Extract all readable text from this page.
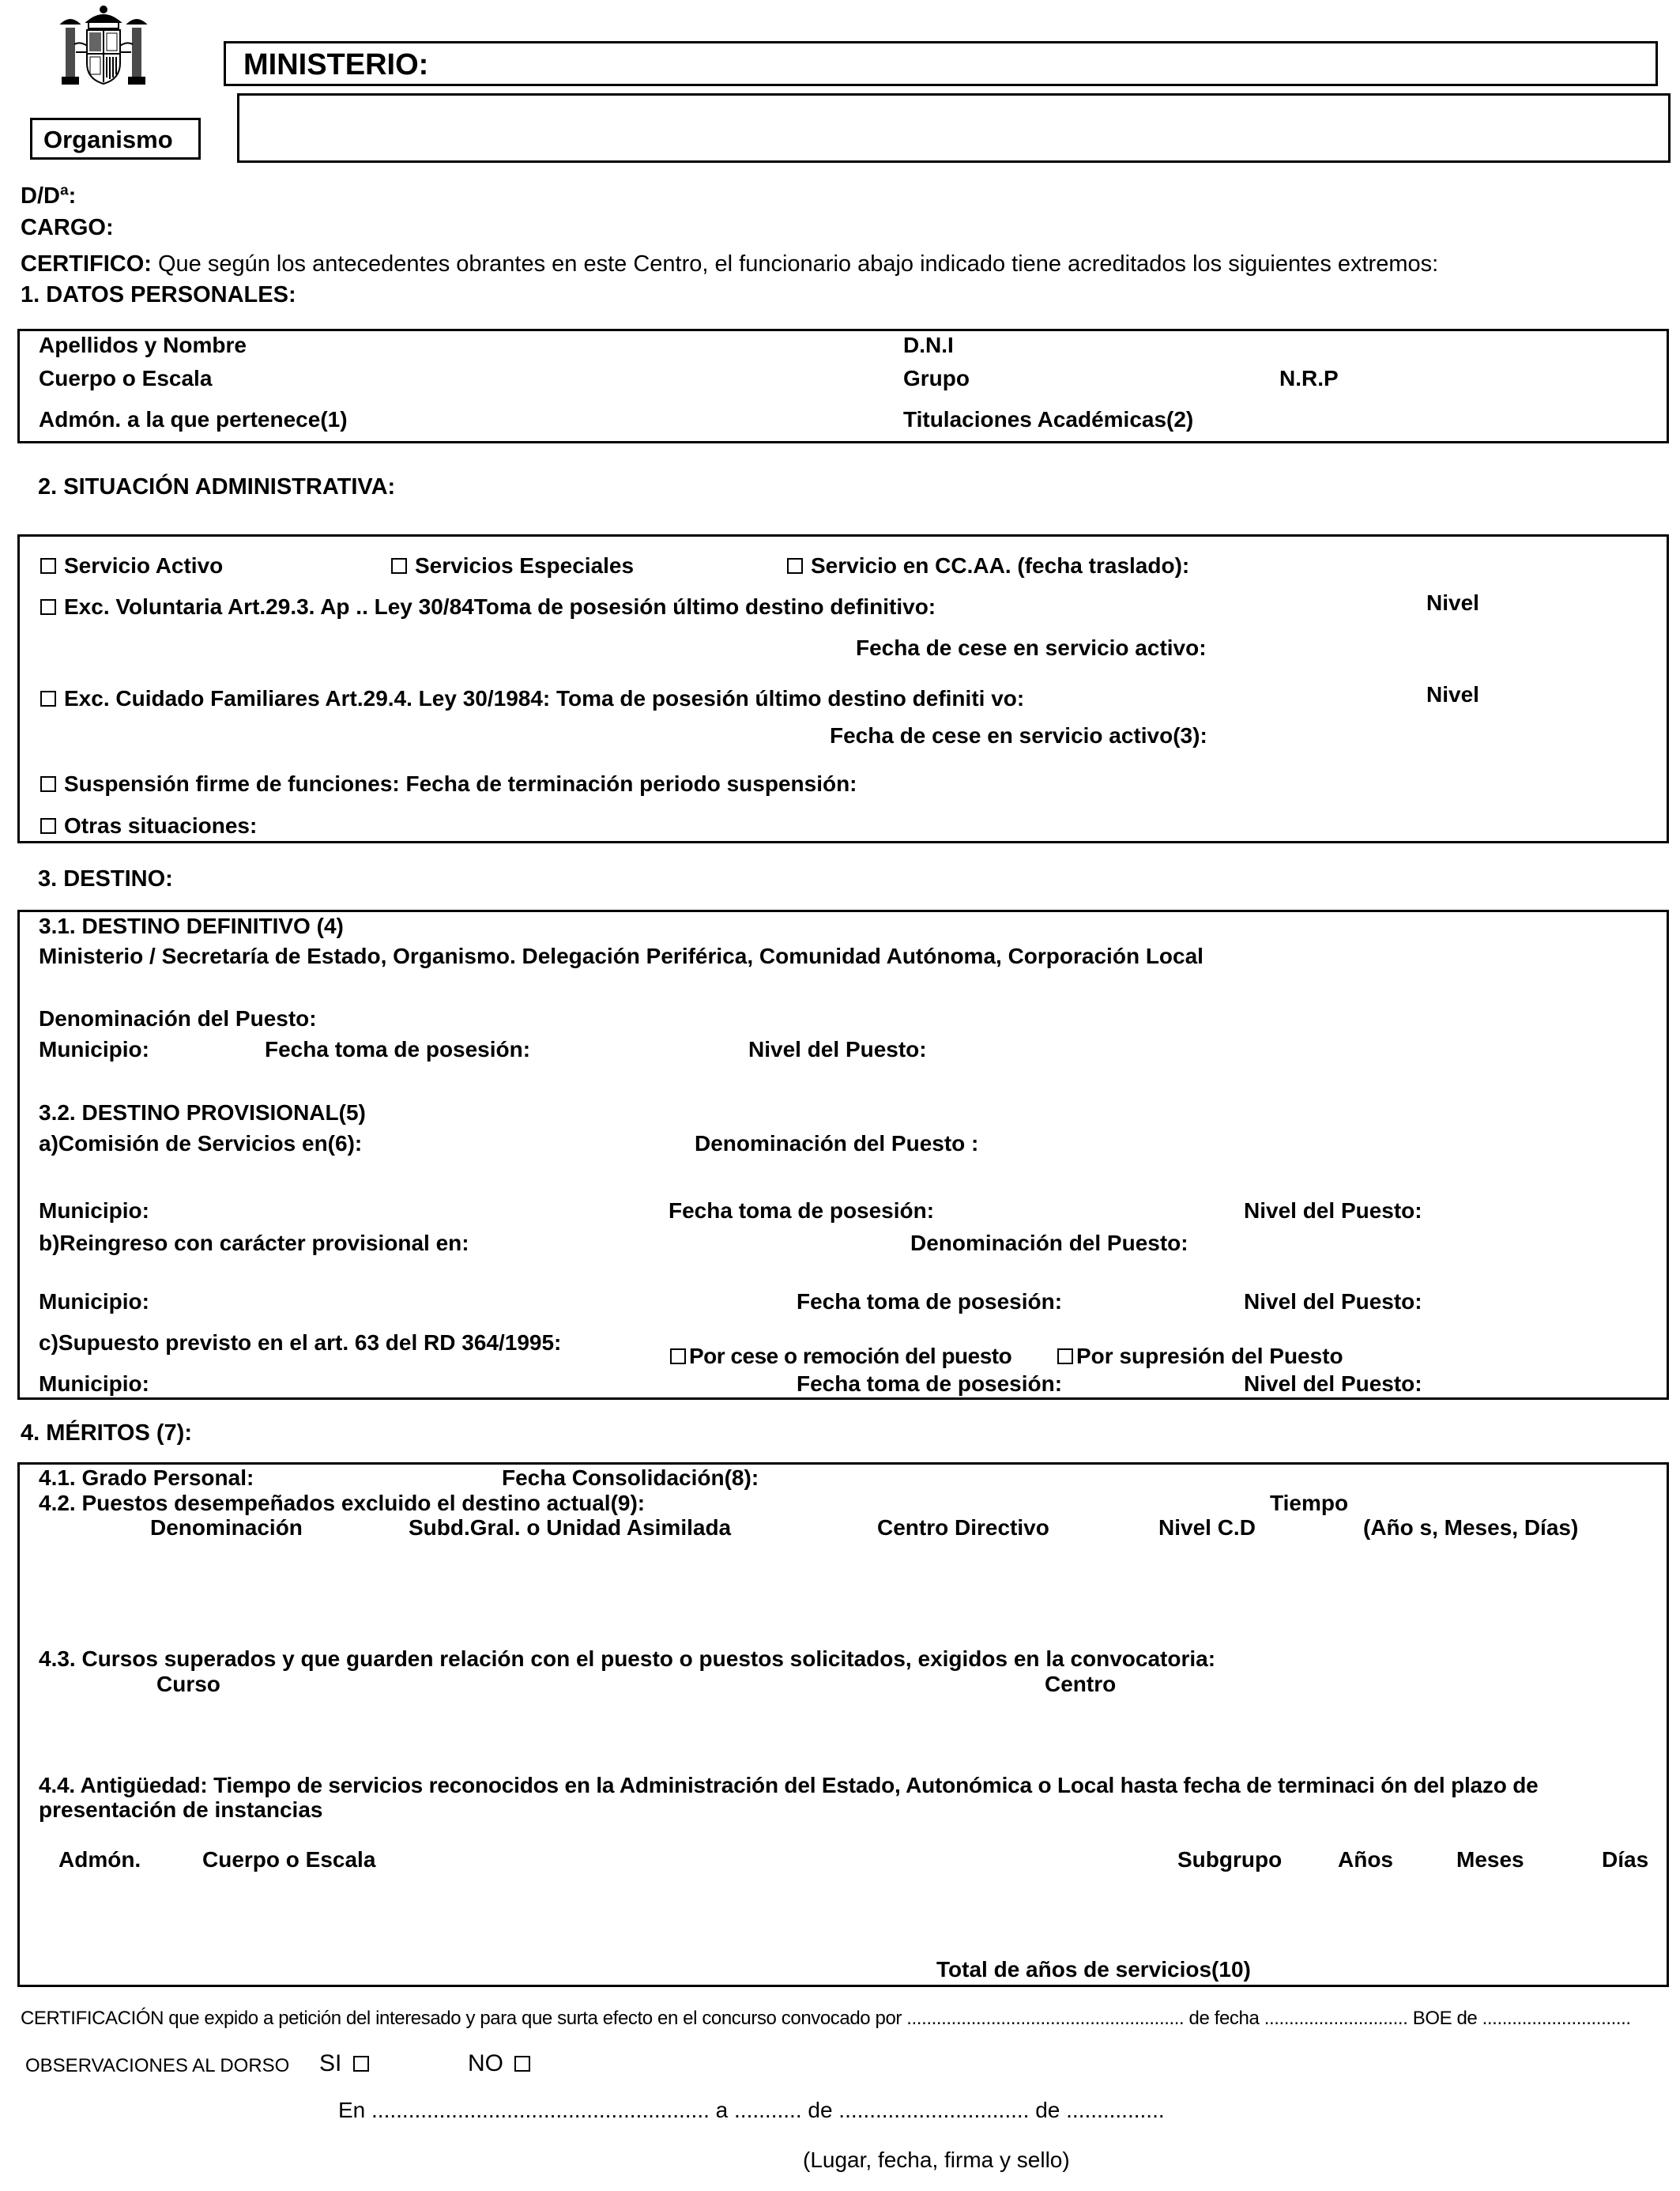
MINISTERIO:
Organismo
D/Dª:
CARGO:
CERTIFICO: Que según los antecedentes obrantes en este Centro, el funcionario abajo indicado tiene acreditados los siguientes extremos:
1. DATOS PERSONALES:
Apellidos y Nombre	D.N.I
Cuerpo o Escala	Grupo	N.R.P
Admón. a la que pertenece(1)	Titulaciones Académicas(2)
2. SITUACIÓN ADMINISTRATIVA:
Servicio Activo	Servicios Especiales	Servicio en CC.AA. (fecha traslado):
Exc. Voluntaria Art.29.3. Ap .. Ley 30/84Toma de posesión último destino definitivo:	Nivel
Fecha de cese en servicio activo:
Exc. Cuidado Familiares Art.29.4. Ley 30/1984: Toma de posesión último destino definiti vo:	Nivel
Fecha de cese en servicio activo(3):
Suspensión firme de funciones: Fecha de terminación periodo suspensión:
Otras situaciones:
3. DESTINO:
3.1. DESTINO DEFINITIVO (4)
Ministerio / Secretaría de Estado, Organismo. Delegación Periférica, Comunidad Autónoma, Corporación Local
Denominación del Puesto:
Municipio:	Fecha toma de posesión:	Nivel del Puesto:
3.2. DESTINO PROVISIONAL(5)
a)Comisión de Servicios en(6):	Denominación del Puesto :
Municipio:	Fecha toma de posesión:	Nivel del Puesto:
b)Reingreso con carácter provisional en:	Denominación del Puesto:
Municipio:	Fecha toma de posesión:	Nivel del Puesto:
c)Supuesto previsto en el art. 63 del RD 364/1995:
Por cese o remoción del puesto	Por supresión del Puesto
Municipio:	Fecha toma de posesión:	Nivel del Puesto:
4. MÉRITOS (7):
4.1. Grado Personal:	Fecha Consolidación(8):
4.2. Puestos desempeñados excluido el destino actual(9):	Tiempo
Denominación	Subd.Gral. o Unidad Asimilada	Centro Directivo	Nivel C.D	(Año s, Meses, Días)
4.3. Cursos superados y que guarden relación con el puesto o puestos solicitados, exigidos en la convocatoria:
Curso	Centro
4.4. Antigüedad: Tiempo de servicios reconocidos en la Administración del Estado, Autonómica o Local hasta fecha de terminaci ón del plazo de
presentación de instancias
Admón.	Cuerpo o Escala	Subgrupo	Años	Meses	Días
Total de años de servicios(10)
CERTIFICACIÓN que expido a petición del interesado y para que surta efecto en el concurso convocado por ........................................................ de fecha ............................. BOE de ..............................
OBSERVACIONES AL DORSO SI	NO
En ....................................................... a ........... de ............................... de ................
(Lugar, fecha, firma y sello)
